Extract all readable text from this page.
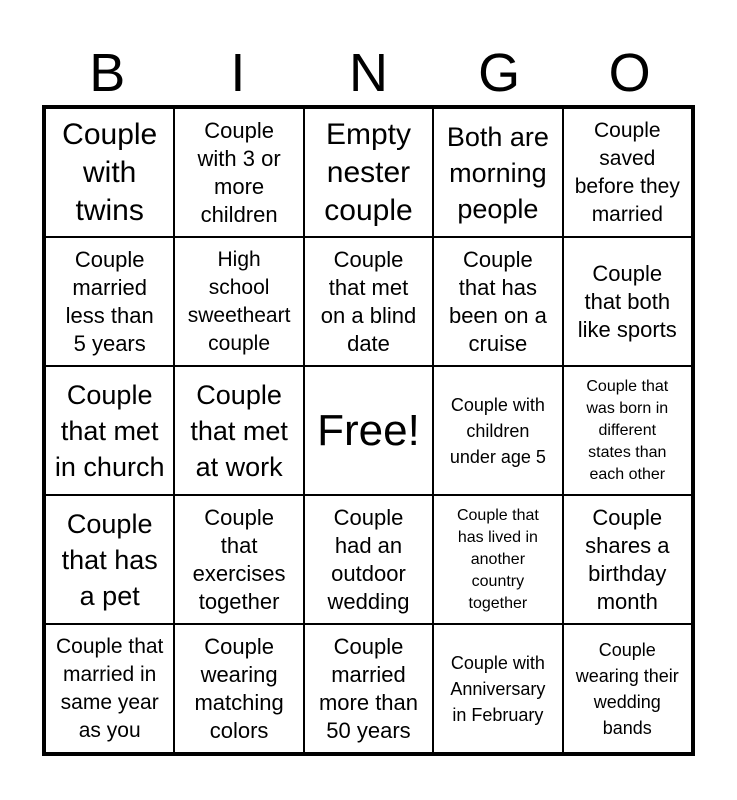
B	I	N	G	O
Couple
with
twins
Couple
with 3 or
more
children
Empty
nester
couple
Both are
morning
people
Couple
saved
before they
married
Couple
married
less than
5 years
High
school
sweetheart
couple
Couple
that met
on a blind
date
Couple
that has
been on a
cruise
Couple
that both
like sports
Couple
that met
in church
Couple
that met
at work
Free!
Couple with
children
under age 5
Couple that
was born in
different
states than
each other
Couple
that has
a pet
Couple
that
exercises
together
Couple
had an
outdoor
wedding
Couple that
has lived in
another
country
together
Couple
shares a
birthday
month
Couple that
married in
same year
as you
Couple
wearing
matching
colors
Couple
married
more than
50 years
Couple with
Anniversary
in February
Couple
wearing their
wedding
bands
